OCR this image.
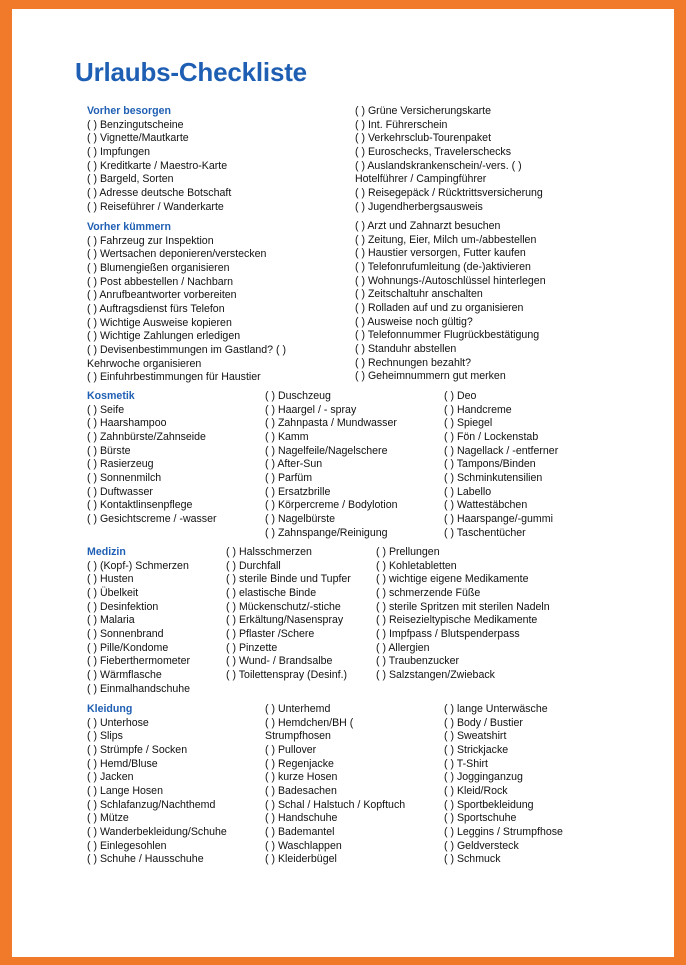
Urlaubs-Checkliste
Vorher besorgen
( ) Benzingutscheine
( ) Vignette/Mautkarte
( ) Impfungen
( ) Kreditkarte / Maestro-Karte
( ) Bargeld, Sorten
( ) Adresse deutsche Botschaft
( ) Reiseführer / Wanderkarte
( ) Grüne Versicherungskarte
( ) Int. Führerschein
( ) Verkehrsclub-Tourenpaket
( ) Euroschecks, Travelerschecks
( ) Auslandskrankenschein/-vers. ( )
Hotelführer / Campingführer
( ) Reisegepäck / Rücktrittsversicherung
( ) Jugendherbergsausweis
Vorher kümmern
( ) Fahrzeug zur Inspektion
( ) Wertsachen deponieren/verstecken
( ) Blumengießen organisieren
( ) Post abbestellen / Nachbarn
( ) Anrufbeantworter vorbereiten
( ) Auftragsdienst fürs Telefon
( ) Wichtige Ausweise kopieren
( ) Wichtige Zahlungen erledigen
( ) Devisenbestimmungen im Gastland? ( )
Kehrwoche organisieren
( ) Einfuhrbestimmungen für Haustier
( ) Arzt und Zahnarzt besuchen
( ) Zeitung, Eier, Milch um-/abbestellen
( ) Haustier versorgen, Futter kaufen
( ) Telefonrufumleitung (de-)aktivieren
( ) Wohnungs-/Autoschlüssel hinterlegen
( ) Zeitschaltuhr anschalten
( ) Rolladen auf und zu organisieren
( ) Ausweise noch gültig?
( ) Telefonnummer Flugrückbestätigung
( ) Standuhr abstellen
( ) Rechnungen bezahlt?
( ) Geheimnummern gut merken
Kosmetik
( ) Seife
( ) Haarshampoo
( ) Zahnbürste/Zahnseide
( ) Bürste
( ) Rasierzeug
( ) Sonnenmilch
( ) Duftwasser
( ) Kontaktlinsenpflege
( ) Gesichtscreme / -wasser
( ) Duschzeug
( ) Haargel / - spray
( ) Zahnpasta / Mundwasser
( ) Kamm
( ) Nagelfeile/Nagelschere
( ) After-Sun
( ) Parfüm
( ) Ersatzbrille
( ) Körpercreme / Bodylotion
( ) Nagelbürste
( ) Zahnspange/Reinigung
( ) Deo
( ) Handcreme
( ) Spiegel
( ) Fön / Lockenstab
( ) Nagellack / -entferner
( ) Tampons/Binden
( ) Schminkutensilien
( ) Labello
( ) Wattestäbchen
( ) Haarspange/-gummi
( ) Taschentücher
Medizin
( ) (Kopf-) Schmerzen
( ) Husten
( ) Übelkeit
( ) Desinfektion
( ) Malaria
( ) Sonnenbrand
( ) Pille/Kondome
( ) Fieberthermometer
( ) Wärmflasche
( ) Einmalhandschuhe
( ) Halsschmerzen
( ) Durchfall
( ) sterile Binde und Tupfer
( ) elastische Binde
( ) Mückenschutz/-stiche
( ) Erkältung/Nasenspray
( ) Pflaster /Schere
( ) Pinzette
( ) Wund- / Brandsalbe
( ) Toilettenspray (Desinf.)
( ) Prellungen
( ) Kohletabletten
( ) wichtige eigene Medikamente
( ) schmerzende Füße
( ) sterile Spritzen mit sterilen Nadeln
( ) Reisezieltypische Medikamente
( ) Impfpass / Blutspenderpass
( ) Allergien
( ) Traubenzucker
( ) Salzstangen/Zwieback
Kleidung
( ) Unterhose
( ) Slips
( ) Strümpfe / Socken
( ) Hemd/Bluse
( ) Jacken
( ) Lange Hosen
( ) Schlafanzug/Nachthemd
( ) Mütze
( ) Wanderbekleidung/Schuhe
( ) Einlegesohlen
( ) Schuhe / Hausschuhe
( ) Unterhemd
( ) Hemdchen/BH (
Strumpfhosen
( ) Pullover
( ) Regenjacke
( ) kurze Hosen
( ) Badesachen
( ) Schal / Halstuch / Kopftuch
( ) Handschuhe
( ) Bademantel
( ) Waschlappen
( ) Kleiderbügel
( ) lange Unterwäsche
( ) Body / Bustier
( ) Sweatshirt
( ) Strickjacke
( ) T-Shirt
( ) Jogginganzug
( ) Kleid/Rock
( ) Sportbekleidung
( ) Sportschuhe
( ) Leggins / Strumpfhose
( ) Geldversteck
( ) Schmuck
